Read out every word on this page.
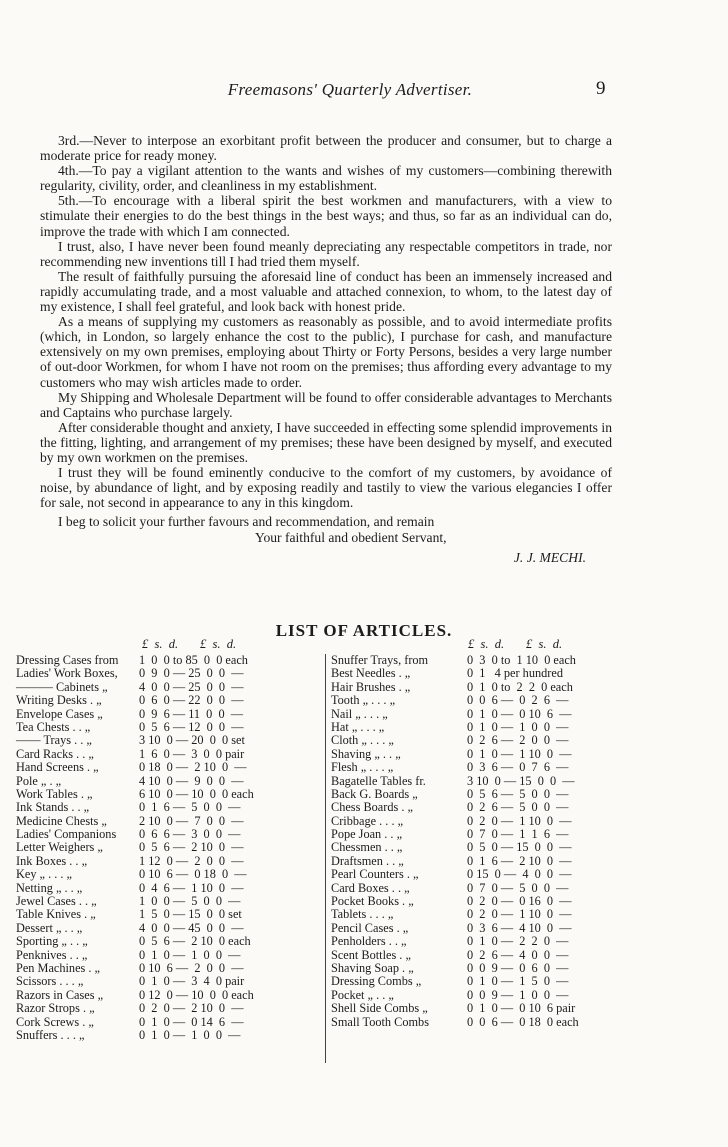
Freemasons' Quarterly Advertiser.	9

3rd.—Never to interpose an exorbitant profit between the producer and consumer, but to charge a moderate price for ready money.

4th.—To pay a vigilant attention to the wants and wishes of my customers—combining therewith regularity, civility, order, and cleanliness in my establishment.

5th.—To encourage with a liberal spirit the best workmen and manufacturers, with a view to stimulate their energies to do the best things in the best ways; and thus, so far as an individual can do, improve the trade with which I am connected.

I trust, also, I have never been found meanly depreciating any respectable competitors in trade, nor recommending new inventions till I had tried them myself.

The result of faithfully pursuing the aforesaid line of conduct has been an immensely increased and rapidly accumulating trade, and a most valuable and attached connexion, to whom, to the latest day of my existence, I shall feel grateful, and look back with honest pride.

As a means of supplying my customers as reasonably as possible, and to avoid intermediate profits (which, in London, so largely enhance the cost to the public), I purchase for cash, and manufacture extensively on my own premises, employing about Thirty or Forty Persons, besides a very large number of out-door Workmen, for whom I have not room on the premises; thus affording every advantage to my customers who may wish articles made to order.

My Shipping and Wholesale Department will be found to offer considerable advantages to Merchants and Captains who purchase largely.

After considerable thought and anxiety, I have succeeded in effecting some splendid improvements in the fitting, lighting, and arrangement of my premises; these have been designed by myself, and executed by my own workmen on the premises.

I trust they will be found eminently conducive to the comfort of my customers, by avoidance of noise, by abundance of light, and by exposing readily and tastily to view the various elegancies I offer for sale, not second in appearance to any in this kingdom.

I beg to solicit your further favours and recommendation, and remain

Your faithful and obedient Servant,

J. J. MECHI.

LIST OF ARTICLES.
£  s.  d.       £  s.  d.	£  s.  d.       £  s.  d.
Dressing Cases from 1  0  0 to 85  0  0 each
Ladies' Work Boxes, 0  9  0 — 25  0  0  —
——— Cabinets „	4  0  0 — 25  0  0  —
Writing Desks . „	0  6  0 — 22  0  0  —
Envelope Cases „	0  9  6 — 11  0  0  —
Tea Chests . . „	0  5  6 — 12  0  0  —
—— Trays . . „	3 10  0 — 20  0  0 set
Card Racks . . „	1  6  0 —  3  0  0 pair
Hand Screens . „	0 18  0 —  2 10  0  —
Pole „ . „	4 10  0 —  9  0  0  —
Work Tables . „	6 10  0 — 10  0  0 each
Ink Stands . . „	0  1  6 —  5  0  0  —
Medicine Chests „	2 10  0 —  7  0  0  —
Ladies' Companions 0  6  6 —  3  0  0  —
Letter Weighers „	0  5  6 —  2 10  0  —
Ink Boxes . . „	1 12  0 —  2  0  0  —
Key „ . . . „	0 10  6 —  0 18  0  —
Netting „ . . „	0  4  6 —  1 10  0  —
Jewel Cases . . „	1  0  0 —  5  0  0  —
Table Knives . „	1  5  0 — 15  0  0 set
Dessert „ . . „	4  0  0 — 45  0  0  —
Sporting „ . . „	0  5  6 —  2 10  0 each
Penknives . . „	0  1  0 —  1  0  0  —
Pen Machines . „	0 10  6 —  2  0  0  —
Scissors . . . „	0  1  0 —  3  4  0 pair
Razors in Cases „	0 12  0 — 10  0  0 each
Razor Strops . „	0  2  0 —  2 10  0  —
Cork Screws . „	0  1  0 —  0 14  6  —
Snuffers . . . „	0  1  0 —  1  0  0  —
Snuffer Trays, from	0  3  0 to  1 10  0 each
Best Needles . „	0  1   4 per hundred
Hair Brushes . „	0  1  0 to  2  2  0 each
Tooth „ . . . „	0  0  6 —  0  2  6  —
Nail „ . . . „	0  1  0 —  0 10  6  —
Hat „ . . . „	0  1  0 —  1  0  0  —
Cloth „ . . . „	0  2  6 —  2  0  0  —
Shaving „ . . „	0  1  0 —  1 10  0  —
Flesh „ . . . „	0  3  6 —  0  7  6  —
Bagatelle Tables fr.	3 10  0 — 15  0  0  —
Back G. Boards „	0  5  6 —  5  0  0  —
Chess Boards . „	0  2  6 —  5  0  0  —
Cribbage . . . „	0  2  0 —  1 10  0  —
Pope Joan . . „	0  7  0 —  1  1  6  —
Chessmen . . „	0  5  0 — 15  0  0  —
Draftsmen . . „	0  1  6 —  2 10  0  —
Pearl Counters . „	0 15  0 —  4  0  0  —
Card Boxes . . „	0  7  0 —  5  0  0  —
Pocket Books . „	0  2  0 —  0 16  0  —
Tablets . . . „	0  2  0 —  1 10  0  —
Pencil Cases . „	0  3  6 —  4 10  0  —
Penholders . . „	0  1  0 —  2  2  0  —
Scent Bottles . „	0  2  6 —  4  0  0  —
Shaving Soap . „	0  0  9 —  0  6  0  —
Dressing Combs „	0  1  0 —  1  5  0  —
Pocket „ . . „	0  0  9 —  1  0  0  —
Shell Side Combs „	0  1  0 —  0 10  6 pair
Small Tooth Combs	0  0  6 —  0 18  0 each
